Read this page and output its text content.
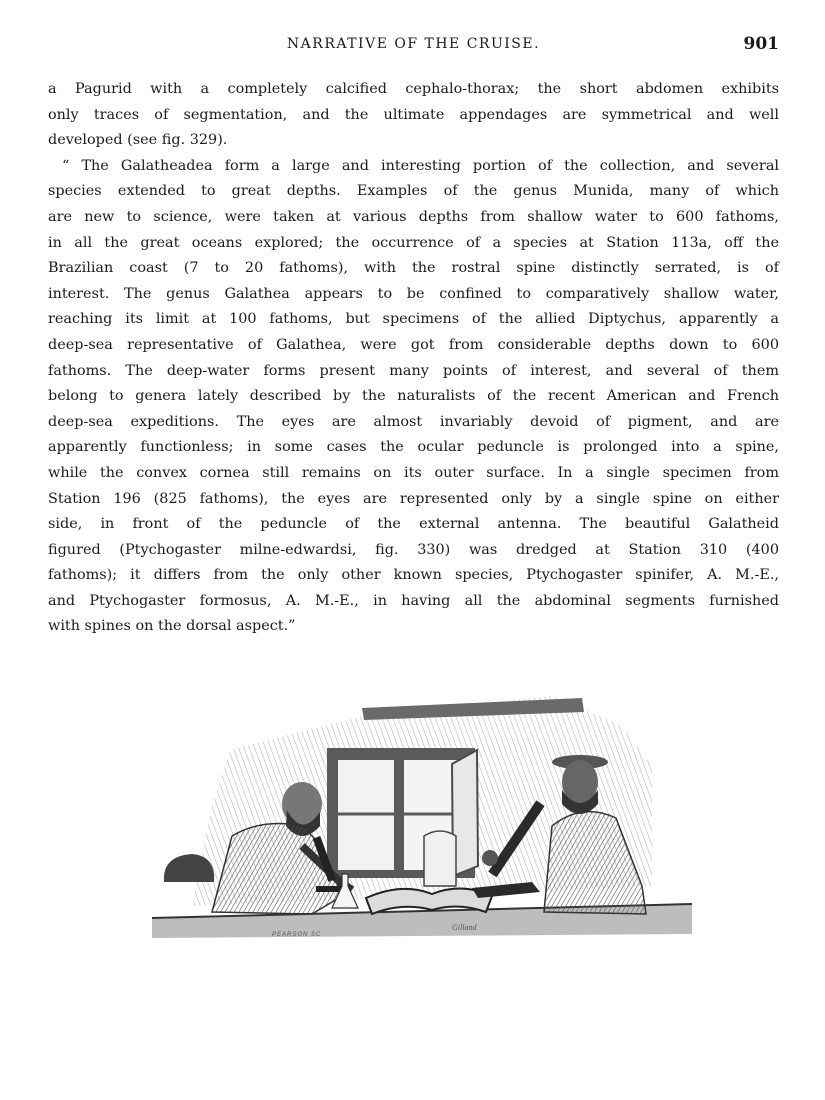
NARRATIVE OF THE CRUISE.	901
a Pagurid with a completely calcified cephalo-thorax; the short abdomen exhibits
only traces of segmentation, and the ultimate appendages are symmetrical and well
developed (see fig. 329).
“ The Galatheadea form a large and interesting portion of the collection, and several
species extended to great depths. Examples of the genus Munida, many of which
are new to science, were taken at various depths from shallow water to 600 fathoms,
in all the great oceans explored; the occurrence of a species at Station 113a, off the
Brazilian coast (7 to 20 fathoms), with the rostral spine distinctly serrated, is of
interest. The genus Galathea appears to be confined to comparatively shallow water,
reaching its limit at 100 fathoms, but specimens of the allied Diptychus, apparently a
deep-sea representative of Galathea, were got from considerable depths down to 600
fathoms. The deep-water forms present many points of interest, and several of them
belong to genera lately described by the naturalists of the recent American and French
deep-sea expeditions. The eyes are almost invariably devoid of pigment, and are
apparently functionless; in some cases the ocular peduncle is prolonged into a spine,
while the convex cornea still remains on its outer surface. In a single specimen from
Station 196 (825 fathoms), the eyes are represented only by a single spine on either
side, in front of the peduncle of the external antenna. The beautiful Galatheid
figured (Ptychogaster milne-edwardsi, fig. 330) was dredged at Station 310 (400
fathoms); it differs from the only other known species, Ptychogaster spinifer, A. M.-E.,
and Ptychogaster formosus, A. M.-E., in having all the abdominal segments furnished
with spines on the dorsal aspect.”
PEARSON SC
Gilland
